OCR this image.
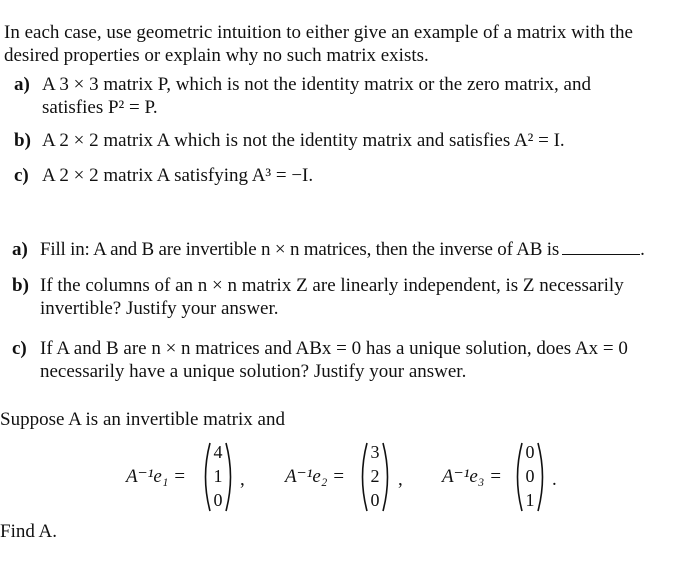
In each case, use geometric intuition to either give an example of a matrix with the
desired properties or explain why no such matrix exists.
a) A 3 × 3 matrix P, which is not the identity matrix or the zero matrix, and
satisfies P² = P.
b) A 2 × 2 matrix A which is not the identity matrix and satisfies A² = I.
c) A 2 × 2 matrix A satisfying A³ = −I.
a) Fill in: A and B are invertible n × n matrices, then the inverse of AB is	.
b) If the columns of an n × n matrix Z are linearly independent, is Z necessarily
invertible? Justify your answer.
c) If A and B are n × n matrices and ABx = 0 has a unique solution, does Ax = 0
necessarily have a unique solution? Justify your answer.
Suppose A is an invertible matrix and
A⁻¹e₁ =
4
1
0
, A⁻¹e₂ =
3
2
0
, A⁻¹e₃ =
0
0
1
.
Find A.
